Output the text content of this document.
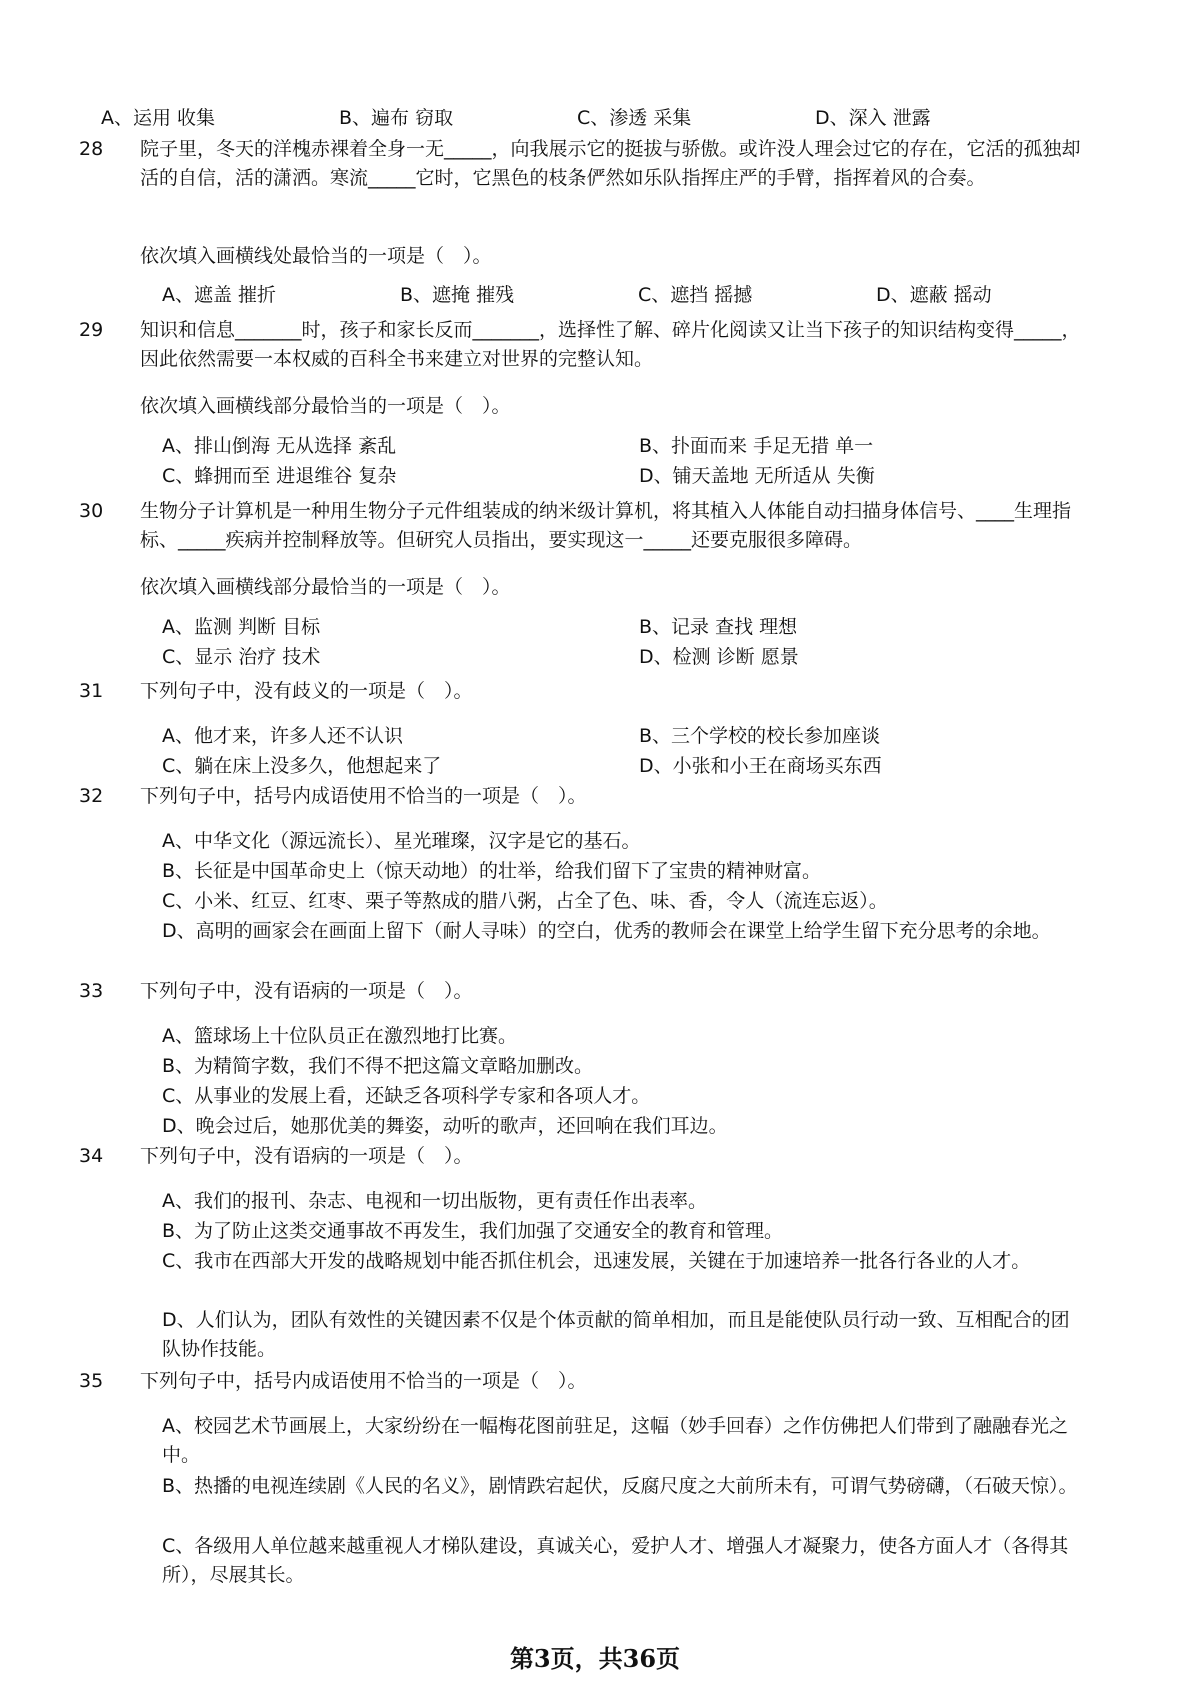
A、运用 收集	B、遍布 窃取	C、渗透 采集	D、深入 泄露
28 院子里，冬天的洋槐赤裸着全身一无_____，向我展示它的挺拔与骄傲。或许没人理会过它的存在，它活的孤独却活的自信，活的潇洒。寒流_____它时，它黑色的枝条俨然如乐队指挥庄严的手臂，指挥着风的合奏。
依次填入画横线处最恰当的一项是（　）。
A、遮盖 摧折	B、遮掩 摧残	C、遮挡 摇撼	D、遮蔽 摇动
29 知识和信息_______时，孩子和家长反而_______，选择性了解、碎片化阅读又让当下孩子的知识结构变得_____，因此依然需要一本权威的百科全书来建立对世界的完整认知。
依次填入画横线部分最恰当的一项是（　）。
A、排山倒海 无从选择 紊乱	B、扑面而来 手足无措 单一
C、蜂拥而至 进退维谷 复杂	D、铺天盖地 无所适从 失衡
30 生物分子计算机是一种用生物分子元件组装成的纳米级计算机，将其植入人体能自动扫描身体信号、____生理指标、_____疾病并控制释放等。但研究人员指出，要实现这一_____还要克服很多障碍。
依次填入画横线部分最恰当的一项是（　）。
A、监测 判断 目标	B、记录 查找 理想
C、显示 治疗 技术	D、检测 诊断 愿景
31 下列句子中，没有歧义的一项是（　）。
A、他才来，许多人还不认识	B、三个学校的校长参加座谈
C、躺在床上没多久，他想起来了	D、小张和小王在商场买东西
32 下列句子中，括号内成语使用不恰当的一项是（　）。
A、中华文化（源远流长）、星光璀璨，汉字是它的基石。
B、长征是中国革命史上（惊天动地）的壮举，给我们留下了宝贵的精神财富。
C、小米、红豆、红枣、栗子等熬成的腊八粥，占全了色、味、香，令人（流连忘返）。
D、高明的画家会在画面上留下（耐人寻味）的空白，优秀的教师会在课堂上给学生留下充分思考的余地。
33 下列句子中，没有语病的一项是（　）。
A、篮球场上十位队员正在激烈地打比赛。
B、为精简字数，我们不得不把这篇文章略加删改。
C、从事业的发展上看，还缺乏各项科学专家和各项人才。
D、晚会过后，她那优美的舞姿，动听的歌声，还回响在我们耳边。
34 下列句子中，没有语病的一项是（　）。
A、我们的报刊、杂志、电视和一切出版物，更有责任作出表率。
B、为了防止这类交通事故不再发生，我们加强了交通安全的教育和管理。
C、我市在西部大开发的战略规划中能否抓住机会，迅速发展，关键在于加速培养一批各行各业的人才。
D、人们认为，团队有效性的关键因素不仅是个体贡献的简单相加，而且是能使队员行动一致、互相配合的团队协作技能。
35 下列句子中，括号内成语使用不恰当的一项是（　）。
A、校园艺术节画展上，大家纷纷在一幅梅花图前驻足，这幅（妙手回春）之作仿佛把人们带到了融融春光之中。
B、热播的电视连续剧《人民的名义》，剧情跌宕起伏，反腐尺度之大前所未有，可谓气势磅礴，（石破天惊）。
C、各级用人单位越来越重视人才梯队建设，真诚关心，爱护人才、增强人才凝聚力，使各方面人才（各得其所），尽展其长。
第3页，共36页
